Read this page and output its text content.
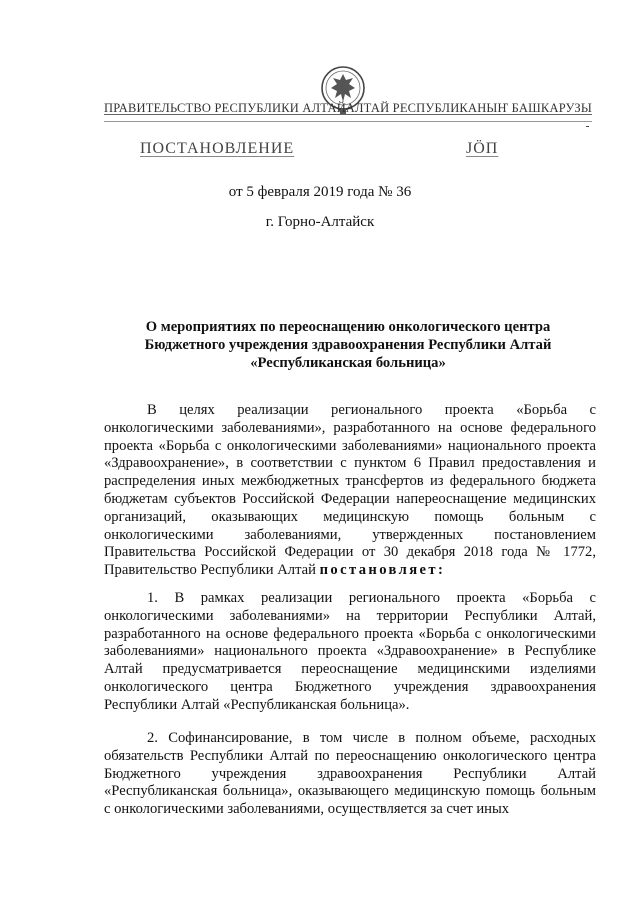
ПРАВИТЕЛЬСТВО РЕСПУБЛИКИ АЛТАЙ АЛТАЙ РЕСПУБЛИКАНЫҤ БАШКАРУЗЫ
ПОСТАНОВЛЕНИЕ	ЈӦП
от 5 февраля 2019 года № 36
г. Горно-Алтайск
О мероприятиях по переоснащению онкологического центра
Бюджетного учреждения здравоохранения Республики Алтай
«Республиканская больница»
В целях реализации регионального проекта «Борьба с онкологическими заболеваниями», разработанного на основе федерального проекта «Борьба с онкологическими заболеваниями» национального проекта «Здравоохранение», в соответствии с пунктом 6 Правил предоставления и распределения иных межбюджетных трансфертов из федерального бюджета бюджетам субъектов Российской Федерации напереоснащение медицинских организаций, оказывающих медицинскую помощь больным с онкологическими заболеваниями, утвержденных постановлением Правительства Российской Федерации от 30 декабря 2018 года № 1772, Правительство Республики Алтай постановляет:
1. В рамках реализации регионального проекта «Борьба с онкологическими заболеваниями» на территории Республики Алтай, разработанного на основе федерального проекта «Борьба с онкологическими заболеваниями» национального проекта «Здравоохранение» в Республике Алтай предусматривается переоснащение медицинскими изделиями онкологического центра Бюджетного учреждения здравоохранения Республики Алтай «Республиканская больница».
2. Софинансирование, в том числе в полном объеме, расходных обязательств Республики Алтай по переоснащению онкологического центра Бюджетного учреждения здравоохранения Республики Алтай «Республиканская больница», оказывающего медицинскую помощь больным с онкологическими заболеваниями, осуществляется за счет иных
